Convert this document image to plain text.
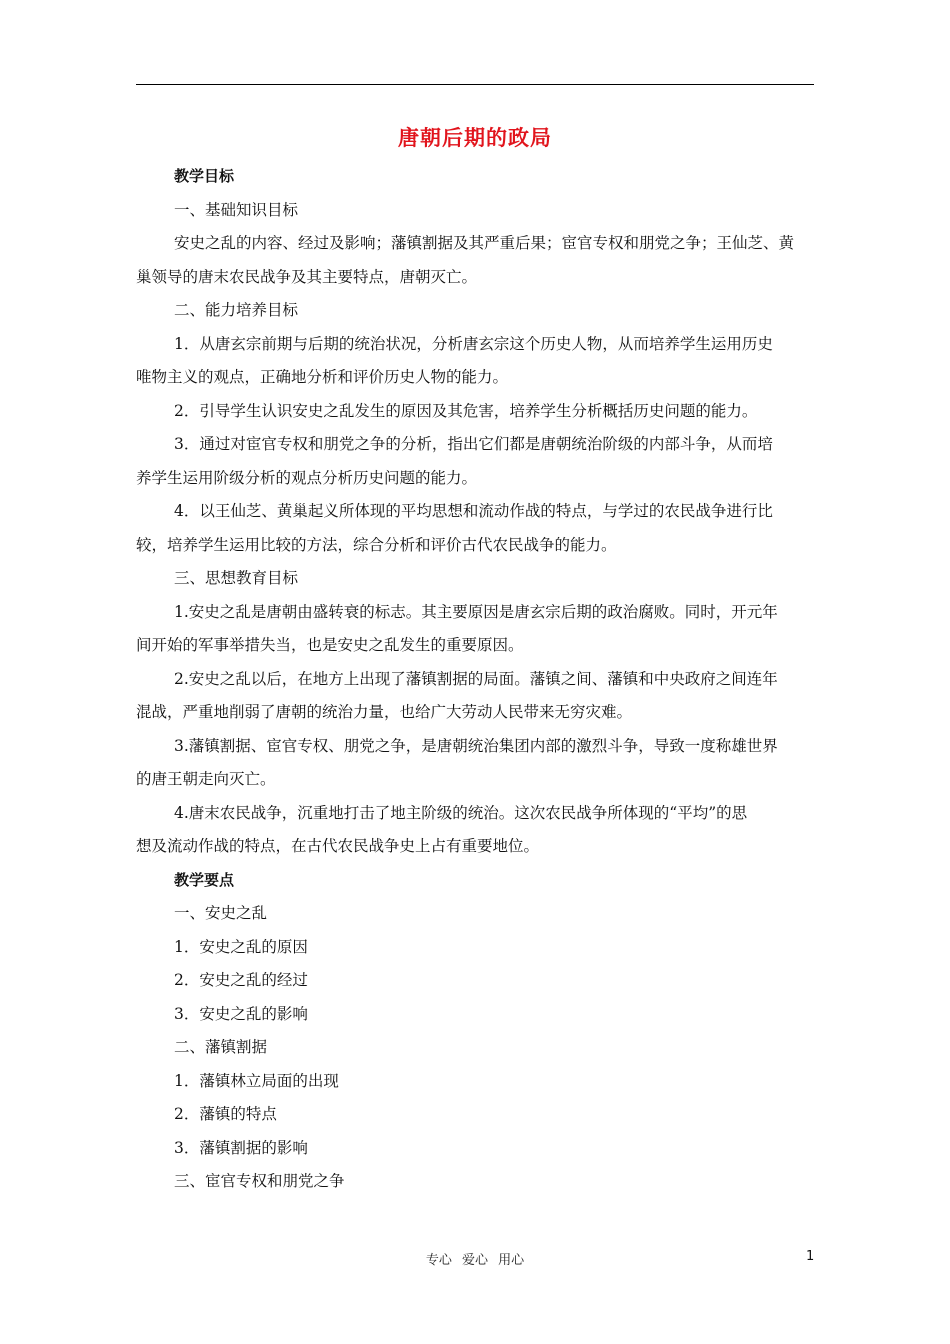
唐朝后期的政局
教学目标
一、基础知识目标
安史之乱的内容、经过及影响；藩镇割据及其严重后果；宦官专权和朋党之争；王仙芝、黄
巢领导的唐末农民战争及其主要特点，唐朝灭亡。
二、能力培养目标
1．从唐玄宗前期与后期的统治状况，分析唐玄宗这个历史人物，从而培养学生运用历史
唯物主义的观点，正确地分析和评价历史人物的能力。
2．引导学生认识安史之乱发生的原因及其危害，培养学生分析概括历史问题的能力。
3．通过对宦官专权和朋党之争的分析，指出它们都是唐朝统治阶级的内部斗争，从而培
养学生运用阶级分析的观点分析历史问题的能力。
4．以王仙芝、黄巢起义所体现的平均思想和流动作战的特点，与学过的农民战争进行比
较，培养学生运用比较的方法，综合分析和评价古代农民战争的能力。
三、思想教育目标
1.安史之乱是唐朝由盛转衰的标志。其主要原因是唐玄宗后期的政治腐败。同时，开元年
间开始的军事举措失当，也是安史之乱发生的重要原因。
2.安史之乱以后，在地方上出现了藩镇割据的局面。藩镇之间、藩镇和中央政府之间连年
混战，严重地削弱了唐朝的统治力量，也给广大劳动人民带来无穷灾难。
3.藩镇割据、宦官专权、朋党之争，是唐朝统治集团内部的激烈斗争，导致一度称雄世界
的唐王朝走向灭亡。
4.唐末农民战争，沉重地打击了地主阶级的统治。这次农民战争所体现的“平均”的思
想及流动作战的特点，在古代农民战争史上占有重要地位。
教学要点
一、安史之乱
1．安史之乱的原因
2．安史之乱的经过
3．安史之乱的影响
二、藩镇割据
1．藩镇林立局面的出现
2．藩镇的特点
3．藩镇割据的影响
三、宦官专权和朋党之争
专心 爱心 用心	1
